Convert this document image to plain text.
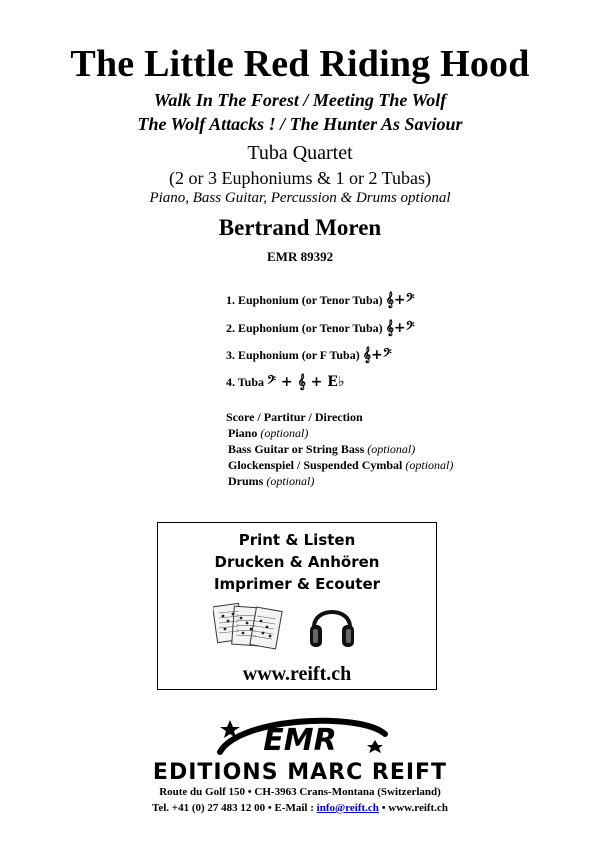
The Little Red Riding Hood
Walk In The Forest / Meeting The Wolf
The Wolf Attacks ! / The Hunter As Saviour
Tuba Quartet
(2 or 3 Euphoniums & 1 or 2 Tubas)
Piano, Bass Guitar, Percussion & Drums optional
Bertrand Moren
EMR 89392
1. Euphonium (or Tenor Tuba) 𝄞+𝄢
2. Euphonium (or Tenor Tuba) 𝄞+𝄢
3. Euphonium (or F Tuba) 𝄞+𝄢
4. Tuba 𝄢 + 𝄞 + E♭
Score / Partitur / Direction
Piano (optional)
Bass Guitar or String Bass (optional)
Glockenspiel / Suspended Cymbal (optional)
Drums (optional)
Print & Listen
Drucken & Anhören
Imprimer & Ecouter
www.reift.ch
EMR
EDITIONS MARC REIFT
Route du Golf 150 • CH-3963 Crans-Montana (Switzerland)
Tel. +41 (0) 27 483 12 00 • E-Mail : info@reift.ch • www.reift.ch
